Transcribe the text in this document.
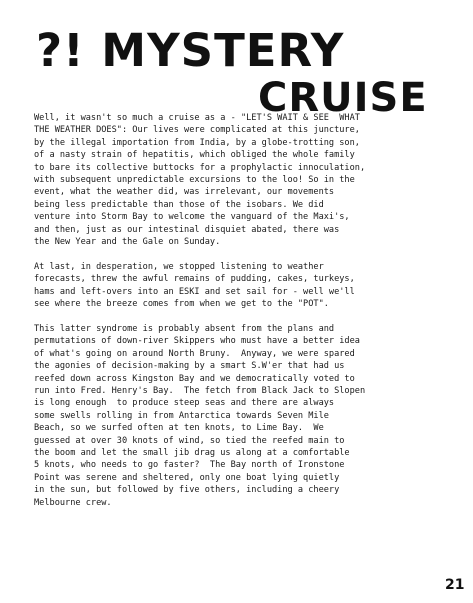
?! MYSTERY
CRUISE
Well, it wasn't so much a cruise as a - "LET'S WAIT & SEE  WHAT
THE WEATHER DOES": Our lives were complicated at this juncture,
by the illegal importation from India, by a globe-trotting son,
of a nasty strain of hepatitis, which obliged the whole family
to bare its collective buttocks for a prophylactic innoculation,
with subsequent unpredictable excursions to the loo! So in the
event, what the weather did, was irrelevant, our movements
being less predictable than those of the isobars. We did
venture into Storm Bay to welcome the vanguard of the Maxi's,
and then, just as our intestinal disquiet abated, there was
the New Year and the Gale on Sunday.
At last, in desperation, we stopped listening to weather
forecasts, threw the awful remains of pudding, cakes, turkeys,
hams and left-overs into an ESKI and set sail for - well we'll
see where the breeze comes from when we get to the "POT".
This latter syndrome is probably absent from the plans and
permutations of down-river Skippers who must have a better idea
of what's going on around North Bruny.  Anyway, we were spared
the agonies of decision-making by a smart S.W'er that had us
reefed down across Kingston Bay and we democratically voted to
run into Fred. Henry's Bay.  The fetch from Black Jack to Slopen
is long enough  to produce steep seas and there are always
some swells rolling in from Antarctica towards Seven Mile
Beach, so we surfed often at ten knots, to Lime Bay.  We
guessed at over 30 knots of wind, so tied the reefed main to
the boom and let the small jib drag us along at a comfortable
5 knots, who needs to go faster?  The Bay north of Ironstone
Point was serene and sheltered, only one boat lying quietly
in the sun, but followed by five others, including a cheery
Melbourne crew.
21
